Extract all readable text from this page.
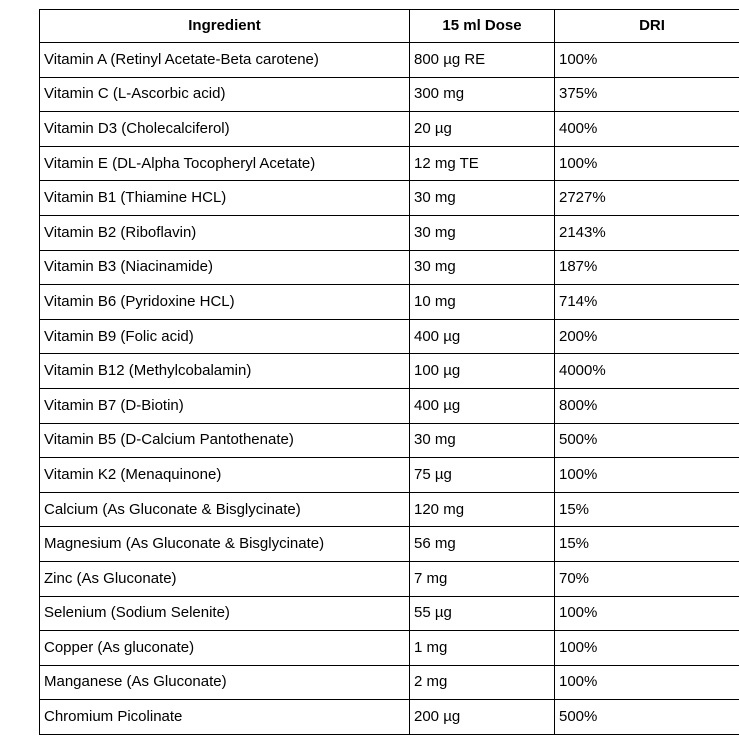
Ingredient	15 ml Dose	DRI
Vitamin A (Retinyl Acetate-Beta carotene)	800 µg RE	100%
Vitamin C (L-Ascorbic acid)	300 mg	375%
Vitamin D3 (Cholecalciferol)	20 µg	400%
Vitamin E (DL-Alpha Tocopheryl Acetate)	12 mg TE	100%
Vitamin B1 (Thiamine HCL)	30 mg	2727%
Vitamin B2 (Riboflavin)	30 mg	2143%
Vitamin B3 (Niacinamide)	30 mg	187%
Vitamin B6 (Pyridoxine HCL)	10 mg	714%
Vitamin B9 (Folic acid)	400 µg	200%
Vitamin B12 (Methylcobalamin)	100 µg	4000%
Vitamin B7 (D-Biotin)	400 µg	800%
Vitamin B5 (D-Calcium Pantothenate)	30 mg	500%
Vitamin K2 (Menaquinone)	75 µg	100%
Calcium (As Gluconate & Bisglycinate)	120 mg	15%
Magnesium (As Gluconate & Bisglycinate)	56 mg	15%
Zinc (As Gluconate)	7 mg	70%
Selenium (Sodium Selenite)	55 µg	100%
Copper (As gluconate)	1 mg	100%
Manganese (As Gluconate)	2 mg	100%
Chromium Picolinate	200 µg	500%
